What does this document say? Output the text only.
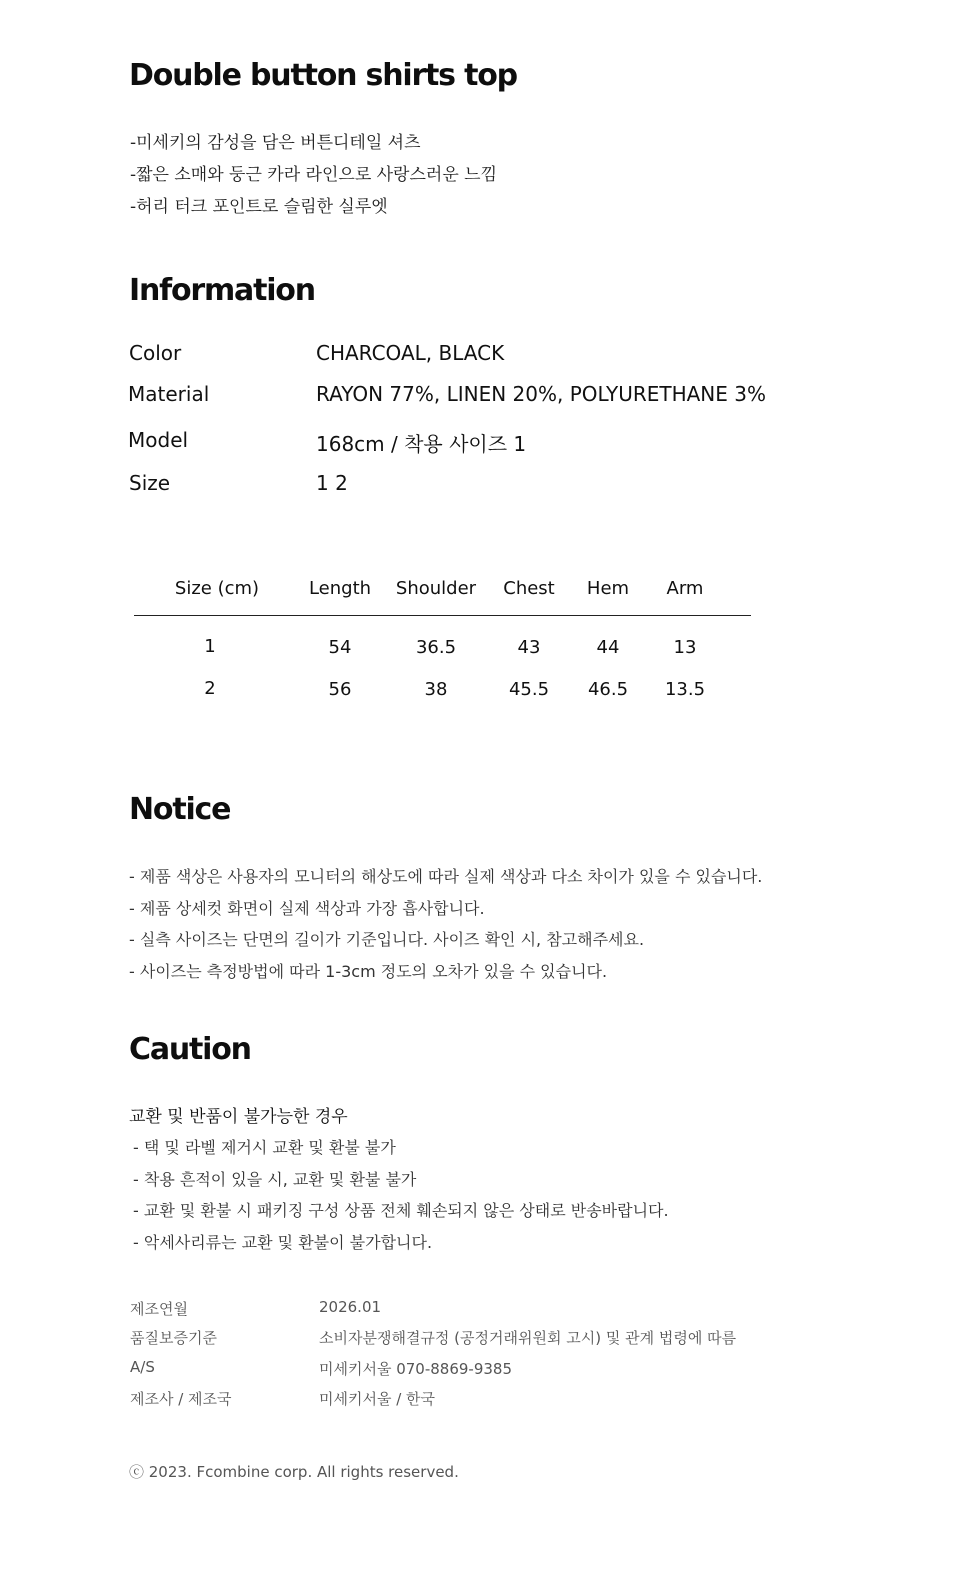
Double button shirts top
-미세키의 감성을 담은 버튼디테일 셔츠
-짧은 소매와 둥근 카라 라인으로 사랑스러운 느낌
-허리 터크 포인트로 슬림한 실루엣
Information
Color	CHARCOAL, BLACK
Material	RAYON 77%, LINEN 20%, POLYURETHANE 3%
Model	168cm / 착용 사이즈 1
Size	1 2
Size (cm)	Length	Shoulder	Chest	Hem	Arm
1	54	36.5	43	44	13
2	56	38	45.5	46.5	13.5
Notice
- 제품 색상은 사용자의 모니터의 해상도에 따라 실제 색상과 다소 차이가 있을 수 있습니다.
- 제품 상세컷 화면이 실제 색상과 가장 흡사합니다.
- 실측 사이즈는 단면의 길이가 기준입니다. 사이즈 확인 시, 참고해주세요.
- 사이즈는 측정방법에 따라 1-3cm 정도의 오차가 있을 수 있습니다.
Caution
교환 및 반품이 불가능한 경우
- 택 및 라벨 제거시 교환 및 환불 불가
- 착용 흔적이 있을 시, 교환 및 환불 불가
- 교환 및 환불 시 패키징 구성 상품 전체 훼손되지 않은 상태로 반송바랍니다.
- 악세사리류는 교환 및 환불이 불가합니다.
제조연월	2026.01
품질보증기준	소비자분쟁해결규정 (공정거래위원회 고시) 및 관계 법령에 따름
A/S	미세키서울 070-8869-9385
제조사 / 제조국	미세키서울 / 한국
ⓒ 2023. Fcombine corp. All rights reserved.
